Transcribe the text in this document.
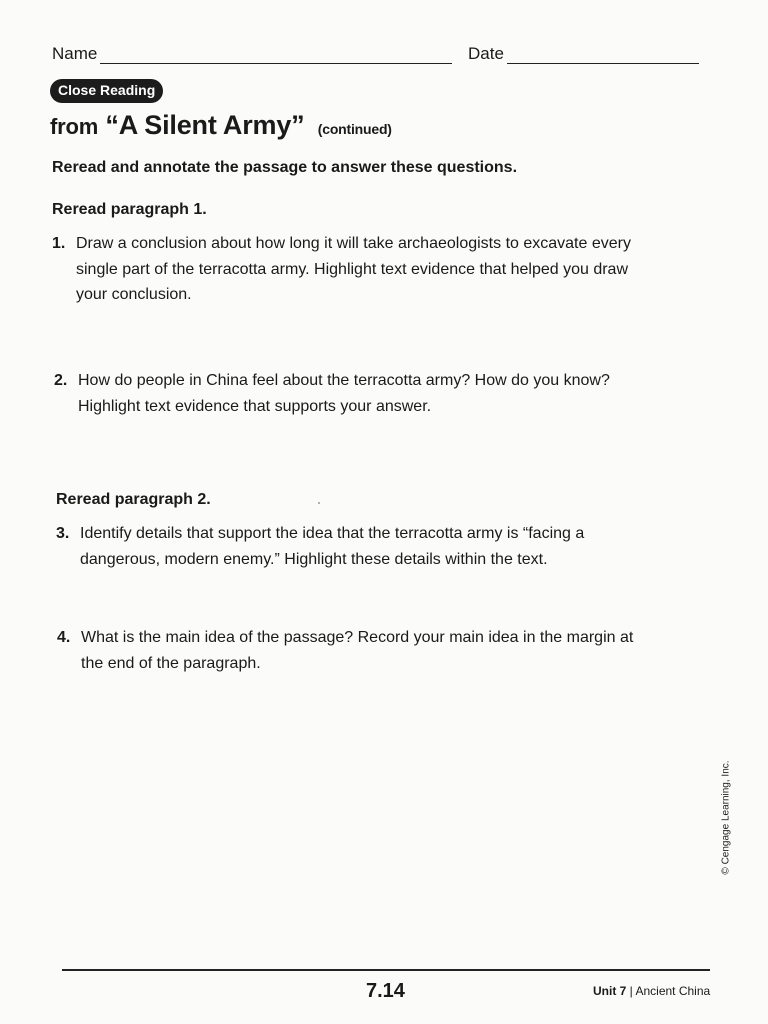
Name	Date
Close Reading
from “A Silent Army” (continued)
Reread and annotate the passage to answer these questions.
Reread paragraph 1.
1. Draw a conclusion about how long it will take archaeologists to excavate every single part of the terracotta army. Highlight text evidence that helped you draw your conclusion.
2. How do people in China feel about the terracotta army? How do you know? Highlight text evidence that supports your answer.
Reread paragraph 2.
3. Identify details that support the idea that the terracotta army is “facing a dangerous, modern enemy.” Highlight these details within the text.
4. What is the main idea of the passage? Record your main idea in the margin at the end of the paragraph.
© Cengage Learning, Inc.
7.14	Unit 7 | Ancient China
